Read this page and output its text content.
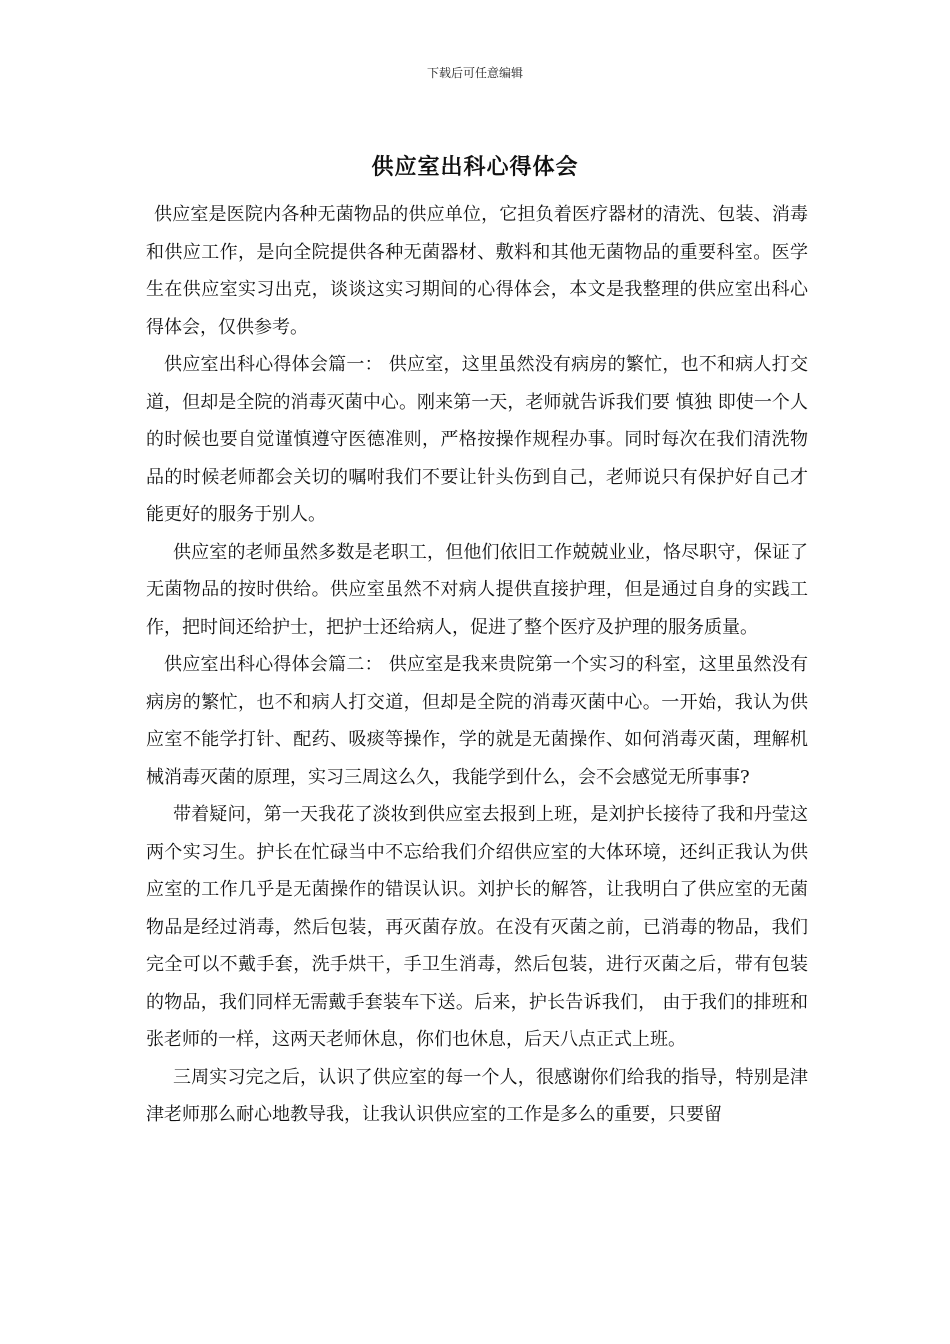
下载后可任意编辑
供应室出科心得体会

供应室是医院内各种无菌物品的供应单位，它担负着医疗器材的清洗、包装、消毒和供应工作，是向全院提供各种无菌器材、敷料和其他无菌物品的重要科室。医学生在供应室实习出克，谈谈这实习期间的心得体会，本文是我整理的供应室出科心得体会，仅供参考。

供应室出科心得体会篇一： 供应室，这里虽然没有病房的繁忙，也不和病人打交道，但却是全院的消毒灭菌中心。刚来第一天，老师就告诉我们要 慎独 即使一个人的时候也要自觉谨慎遵守医德准则，严格按操作规程办事。同时每次在我们清洗物品的时候老师都会关切的嘱咐我们不要让针头伤到自己，老师说只有保护好自己才能更好的服务于别人。

供应室的老师虽然多数是老职工，但他们依旧工作兢兢业业，恪尽职守，保证了无菌物品的按时供给。供应室虽然不对病人提供直接护理，但是通过自身的实践工作，把时间还给护士，把护士还给病人，促进了整个医疗及护理的服务质量。

供应室出科心得体会篇二： 供应室是我来贵院第一个实习的科室，这里虽然没有病房的繁忙，也不和病人打交道，但却是全院的消毒灭菌中心。一开始，我认为供应室不能学打针、配药、吸痰等操作，学的就是无菌操作、如何消毒灭菌，理解机械消毒灭菌的原理，实习三周这么久，我能学到什么，会不会感觉无所事事?

带着疑问，第一天我花了淡妆到供应室去报到上班，是刘护长接待了我和丹莹这两个实习生。护长在忙碌当中不忘给我们介绍供应室的大体环境，还纠正我认为供应室的工作几乎是无菌操作的错误认识。刘护长的解答，让我明白了供应室的无菌物品是经过消毒，然后包装，再灭菌存放。在没有灭菌之前，已消毒的物品，我们完全可以不戴手套，洗手烘干，手卫生消毒，然后包装，进行灭菌之后，带有包装的物品，我们同样无需戴手套装车下送。后来，护长告诉我们， 由于我们的排班和张老师的一样，这两天老师休息，你们也休息，后天八点正式上班。

三周实习完之后，认识了供应室的每一个人，很感谢你们给我的指导，特别是津津老师那么耐心地教导我，让我认识供应室的工作是多么的重要，只要留
